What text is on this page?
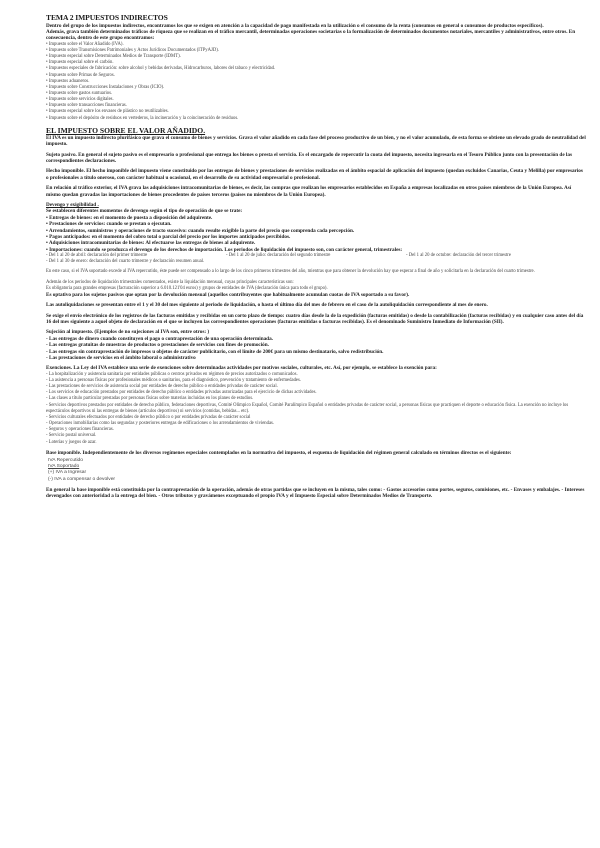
TEMA 2 IMPUESTOS INDIRECTOS

Dentro del grupo de los impuestos indirectos, encontramos los que se exigen en atención a la capacidad de pago manifestada en la utilización o el consumo de la renta (consumos en general o consumos de productos específicos).

Además, grava también determinados tráficos de riqueza que se realizan en el tráfico mercantil, determinadas operaciones societarias o la formalización de determinados documentos notariales, mercantiles y administrativos, entre otros. En consecuencia, dentro de este grupo encontramos:

• Impuesto sobre el Valor Añadido (IVA).
• Impuesto sobre Transmisiones Patrimoniales y Actos Jurídicos Documentados (ITPyAJD).
• Impuesto especial sobre Determinados Medios de Transporte (IDMT).
• Impuesto especial sobre el carbón.
• Impuestos especiales de fabricación: sobre alcohol y bebidas derivadas, Hidrocarburos, labores del tabaco y electricidad.
• Impuesto sobre Primas de Seguros.
• Impuestos aduaneros.
• Impuesto sobre Construcciones Instalaciones y Obras (ICIO).
• Impuesto sobre gastos suntuarios.
• Impuesto sobre servicios digitales.
• Impuesto sobre transacciones financieras.
• Impuesto especial sobre los envases de plástico no reutilizables.
• Impuesto sobre el depósito de residuos en vertederos, la incineración y la coincineración de residuos.

EL IMPUESTO SOBRE EL VALOR AÑADIDO.

El IVA es un impuesto indirecto plurifásico que grava el consumo de bienes y servicios. Grava el valor añadido en cada fase del proceso productivo de un bien, y no el valor acumulado, de esta forma se obtiene un elevado grado de neutralidad del impuesto.

Sujeto pasivo. En general el sujeto pasivo es el empresario o profesional que entrega los bienes o presta el servicio. Es el encargado de repercutir la cuota del impuesto, necesita ingresarla en el Tesoro Público junto con la presentación de las correspondientes declaraciones.

Hecho imponible. El hecho imponible del impuesto viene constituido por las entregas de bienes y prestaciones de servicios realizadas en el ámbito espacial de aplicación del impuesto (quedan excluidos Canarias, Ceuta y Melilla) por empresarios o profesionales a título oneroso, con carácter habitual u ocasional, en el desarrollo de su actividad empresarial o profesional.

En relación al tráfico exterior, el IVA grava las adquisiciones intracomunitarias de bienes, es decir, las compras que realizan los empresarios establecidos en España a empresas localizadas en otros países miembros de la Unión Europea. Así mismo quedan gravadas las importaciones de bienes procedentes de países terceros (países no miembros de la Unión Europea).

Devengo y exigibilidad .

Se establecen diferentes momentos de devengo según el tipo de operación de que se trate:

• Entregas de bienes: en el momento de puesta a disposición del adquirente.
• Prestaciones de servicios: cuando se prestan o ejecutan.
• Arrendamientos, suministros y operaciones de tracto sucesivo: cuando resulte exigible la parte del precio que comprenda cada percepción.
• Pagos anticipados: en el momento del cobro total o parcial del precio por los importes anticipados percibidos.
• Adquisiciones intracomunitarias de bienes: Al efectuarse las entregas de bienes al adquirente.
• Importaciones: cuando se produzca el devengo de los derechos de importación. Los periodos de liquidación del impuesto son, con carácter general, trimestrales:
- Del 1 al 20 de abril: declaración del primer trimestre	- Del 1 al 20 de julio: declaración del segundo trimestre	- Del 1 al 20 de octubre: declaración del tercer trimestre

- Del 1 al 30 de enero: declaración del cuarto trimestre y declaración resumen anual.

En este caso, si el IVA soportado excede al IVA repercutido, éste puede ser compensado a lo largo de los cinco primeros trimestres del año, mientras que para obtener la devolución hay que esperar a final de año y solicitarla en la declaración del cuarto trimestre.

Además de los periodos de liquidación trimestrales comentados, existe la liquidación mensual, cuyas principales características son:

Es obligatoria para grandes empresas (facturación superior a 6.010.121'04 euros) y grupos de entidades de IVA (declaración única para todo el grupo).

Es optativo para los sujetos pasivos que optan por la devolución mensual (aquellos contribuyentes que habitualmente acumulan cuotas de IVA soportado a su favor).

Las autoliquidaciones se presentan entre el 1 y el 30 del mes siguiente al periodo de liquidación, o hasta el último día del mes de febrero en el caso de la autoliquidación correspondiente al mes de enero.

Se exige el envío electrónico de los registros de las facturas emitidas y recibidas en un corto plazo de tiempo: cuatro días desde la de la expedición (facturas emitidas) o desde la contabilización (facturas recibidas) y en cualquier caso antes del día 16 del mes siguiente a aquel objeto de declaración en el que se incluyen las correspondientes operaciones (facturas emitidas o facturas recibidas). Es el denominado Suministro Inmediato de Información (SII).

Sujeción al impuesto. (Ejemplos de no sujeciones al IVA son, entre otros: )

- Las entregas de dinero cuando constituyen el pago o contraprestación de una operación determinada.
- Las entregas gratuitas de muestras de productos o prestaciones de servicios con fines de promoción.
- Las entregas sin contraprestación de impresos u objetos de carácter publicitario, con el límite de 200€ para un mismo destinatario, salvo redistribución.
- Las prestaciones de servicios en el ámbito laboral o administrativo

Exenciones. La Ley del IVA establece una serie de exenciones sobre determinadas actividades por motivos sociales, culturales, etc. Así, por ejemplo, se establece la exención para:

- La hospitalización y asistencia sanitaria por entidades públicas o centros privados en régimen de precios autorizados o comunicados.
- La asistencia a personas físicas por profesionales médicos o sanitarios, para el diagnóstico, prevención y tratamiento de enfermedades.
- Las prestaciones de servicios de asistencia social por entidades de derecho público o entidades privadas de carácter social.
- Los servicios de educación prestados por entidades de derecho público o entidades privadas autorizadas para el ejercicio de dichas actividades.
- Las clases a título particular prestadas por personas físicas sobre materias incluidas en los planes de estudios.
- Servicios deportivos prestados por entidades de derecho público, federaciones deportivas, Comité Olímpico Español, Comité Paralímpico Español o entidades privadas de carácter social, a personas físicas que practiquen el deporte o educación física. La exención no incluye los espectáculos deportivos ni las entregas de bienes (artículos deportivos) ni servicios (comidas, bebidas... etc).
- Servicios culturales efectuados por entidades de derecho público o por entidades privadas de carácter social
- Operaciones inmobiliarias como las segundas y posteriores entregas de edificaciones o los arrendamientos de viviendas.
- Seguros y operaciones financieras.
- Servicio postal universal.
- Loterías y juegos de azar.

Base imponible. Independientemente de los diversos regímenes especiales contemplados en la normativa del impuesto, el esquema de liquidación del régimen general calculado en términos directos es el siguiente:

IVA Repercutido
IVA Soportado
(+) IVA a Ingresar
(-) IVA a compensar o devolver

En general la base imponible está constituida por la contraprestación de la operación, además de otras partidas que se incluyen en la misma, tales como: - Gastos accesorios como portes, seguros, comisiones, etc. - Envases y embalajes. - Intereses devengados con anterioridad a la entrega del bien. - Otros tributos y gravámenes exceptuando el propio IVA y el Impuesto Especial sobre Determinados Medios de Transporte.
